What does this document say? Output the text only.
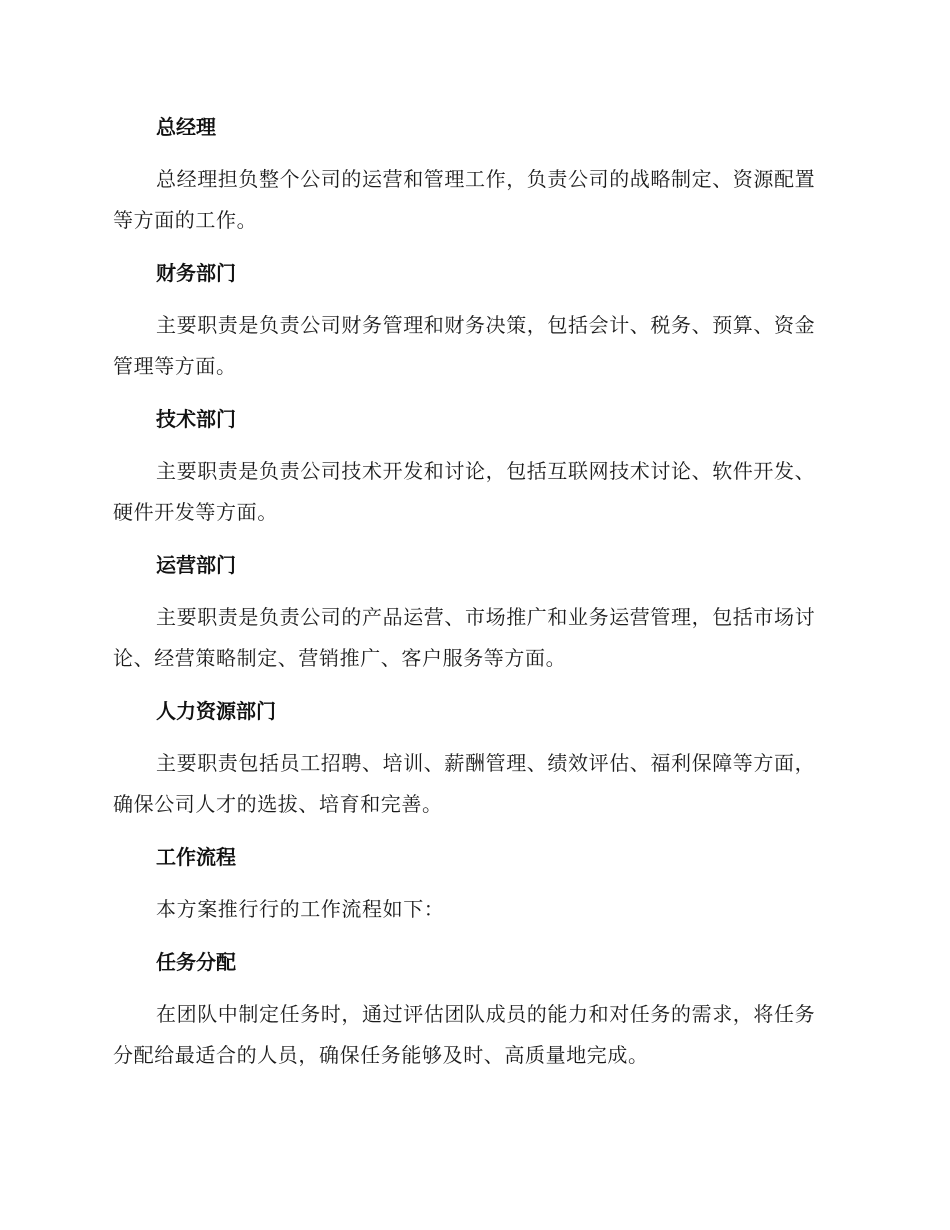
总经理

总经理担负整个公司的运营和管理工作，负责公司的战略制定、资源配置等方面的工作。

财务部门

主要职责是负责公司财务管理和财务决策，包括会计、税务、预算、资金管理等方面。

技术部门

主要职责是负责公司技术开发和讨论，包括互联网技术讨论、软件开发、硬件开发等方面。

运营部门

主要职责是负责公司的产品运营、市场推广和业务运营管理，包括市场讨论、经营策略制定、营销推广、客户服务等方面。

人力资源部门

主要职责包括员工招聘、培训、薪酬管理、绩效评估、福利保障等方面，确保公司人才的选拔、培育和完善。

工作流程

本方案推行行的工作流程如下：

任务分配

在团队中制定任务时，通过评估团队成员的能力和对任务的需求，将任务分配给最适合的人员，确保任务能够及时、高质量地完成。
